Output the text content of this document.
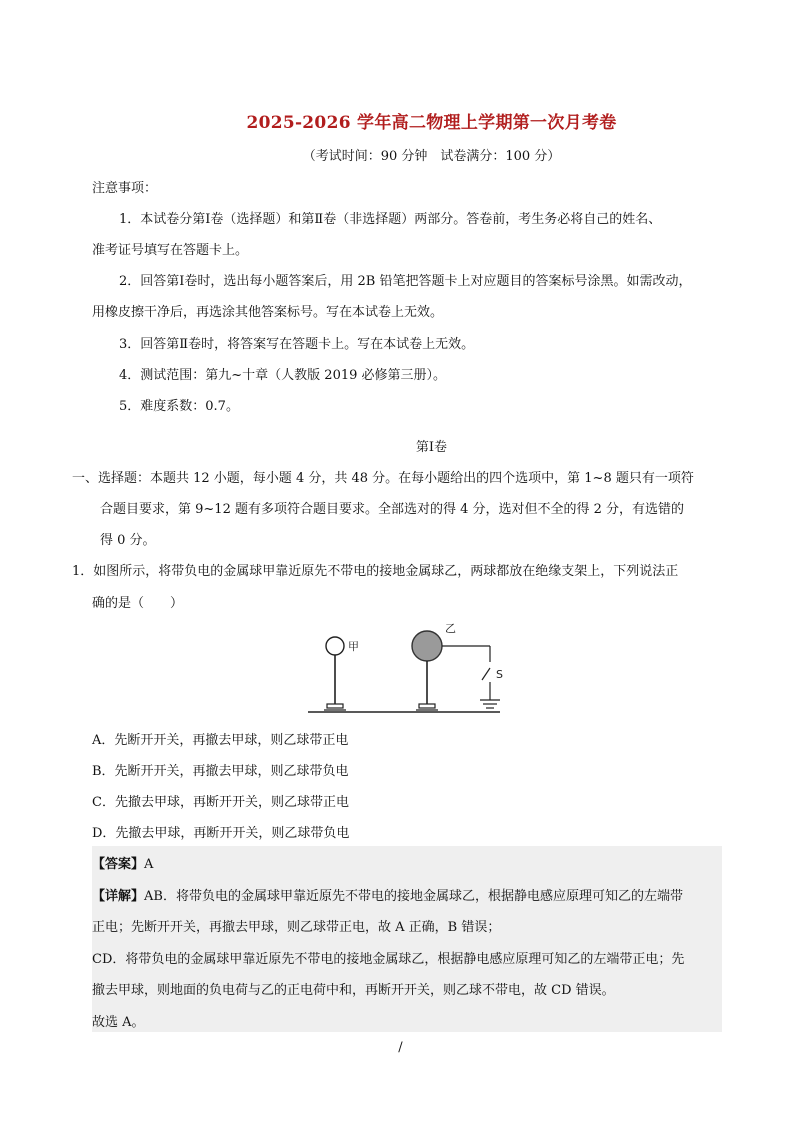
2025-2026 学年高二物理上学期第一次月考卷
（考试时间：90 分钟　试卷满分：100 分）
注意事项：
1．本试卷分第Ⅰ卷（选择题）和第Ⅱ卷（非选择题）两部分。答卷前，考生务必将自己的姓名、
准考证号填写在答题卡上。
2．回答第Ⅰ卷时，选出每小题答案后，用 2B 铅笔把答题卡上对应题目的答案标号涂黑。如需改动，
用橡皮擦干净后，再选涂其他答案标号。写在本试卷上无效。
3．回答第Ⅱ卷时，将答案写在答题卡上。写在本试卷上无效。
4．测试范围：第九~十章（人教版 2019 必修第三册）。
5．难度系数：0.7。
第Ⅰ卷
一、选择题：本题共 12 小题，每小题 4 分，共 48 分。在每小题给出的四个选项中，第 1~8 题只有一项符
合题目要求，第 9~12 题有多项符合题目要求。全部选对的得 4 分，选对但不全的得 2 分，有选错的
得 0 分。
1．如图所示，将带负电的金属球甲靠近原先不带电的接地金属球乙，两球都放在绝缘支架上，下列说法正
确的是（　　）
甲
乙
S
A．先断开开关，再撤去甲球，则乙球带正电
B．先断开开关，再撤去甲球，则乙球带负电
C．先撤去甲球，再断开开关，则乙球带正电
D．先撤去甲球，再断开开关，则乙球带负电
【答案】A
【详解】AB．将带负电的金属球甲靠近原先不带电的接地金属球乙，根据静电感应原理可知乙的左端带
正电；先断开开关，再撤去甲球，则乙球带正电，故 A 正确，B 错误；
CD．将带负电的金属球甲靠近原先不带电的接地金属球乙，根据静电感应原理可知乙的左端带正电；先
撤去甲球，则地面的负电荷与乙的正电荷中和，再断开开关，则乙球不带电，故 CD 错误。
故选 A。
/
